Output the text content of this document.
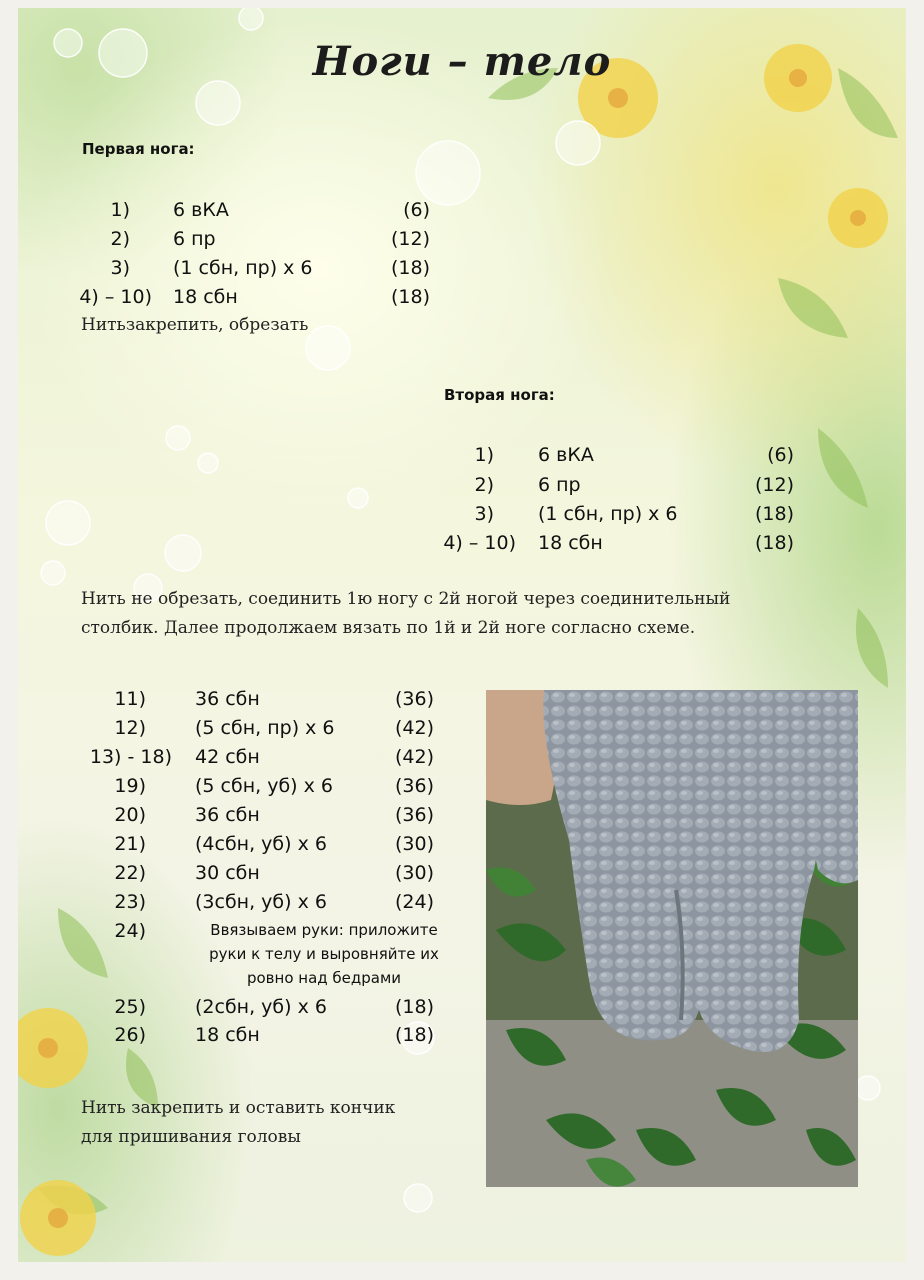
Ноги – тело
Первая нога:
1) 6 вКА	(6)
2) 6 пр	(12)
3) (1 сбн, пр) х 6	(18)
4) – 10) 18 сбн	(18)
Нитьзакрепить, обрезать
Вторая нога:
1) 6 вКА	(6)
2) 6 пр	(12)
3) (1 сбн, пр) х 6	(18)
4) – 10) 18 сбн	(18)
Нить не обрезать, соединить 1ю ногу с 2й ногой через соединительный
столбик. Далее продолжаем вязать по 1й и 2й ноге согласно схеме.
11)	36 сбн	(36)
12)	(5 сбн, пр) х 6	(42)
13) - 18) 42 сбн	(42)
19)	(5 сбн, уб) х 6	(36)
20)	36 сбн	(36)
21)	(4сбн, уб) х 6	(30)
22)	30 сбн	(30)
23)	(3сбн, уб) х 6	(24)
24)	Ввязываем руки: приложите
руки к телу и выровняйте их
ровно над бедрами
25)	(2сбн, уб) х 6	(18)
26)	18 сбн	(18)
Нить закрепить и оставить кончик
для пришивания головы
